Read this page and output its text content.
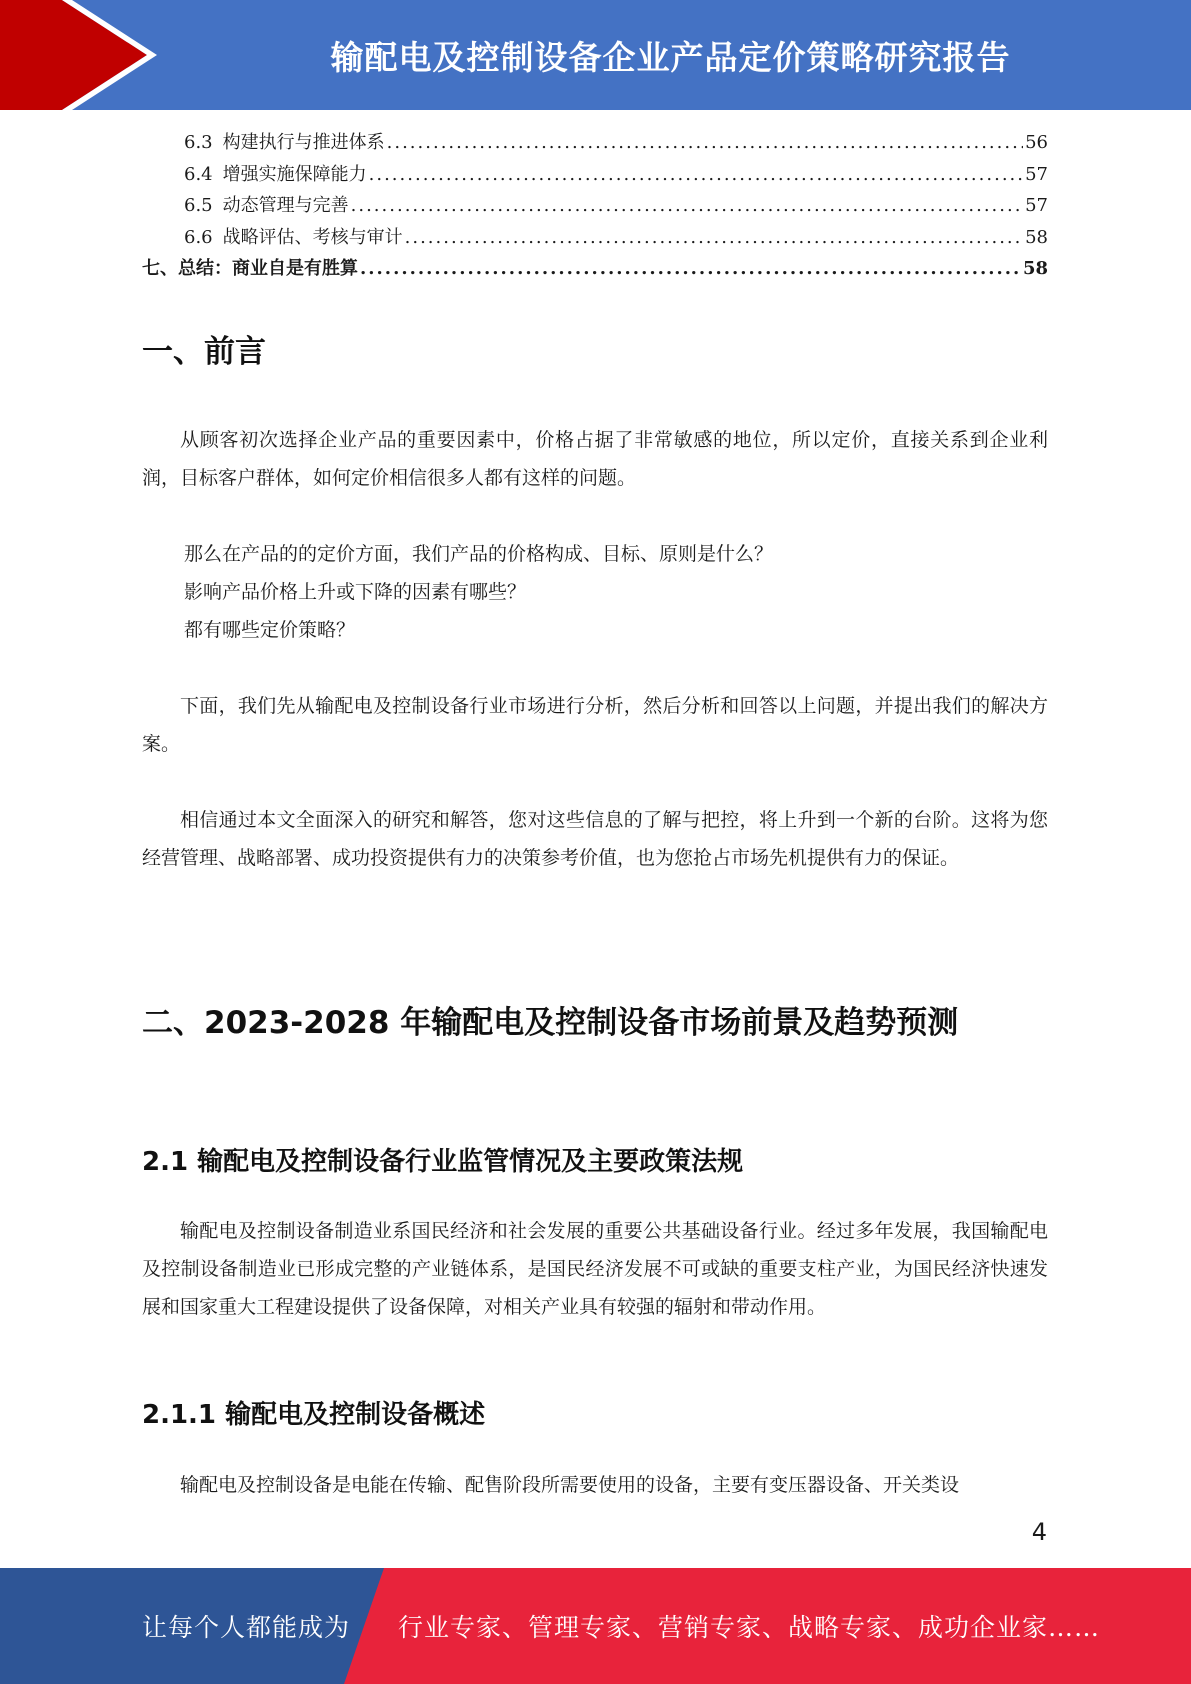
输配电及控制设备企业产品定价策略研究报告
6.3 构建执行与推进体系 .....	56
6.4 增强实施保障能力 .....	57
6.5 动态管理与完善 .....	57
6.6 战略评估、考核与审计 .....	58
七、总结：商业自是有胜算 .....	58
一、前言

从顾客初次选择企业产品的重要因素中，价格占据了非常敏感的地位，所以定价，直接关系到企业利润，目标客户群体，如何定价相信很多人都有这样的问题。

那么在产品的的定价方面，我们产品的价格构成、目标、原则是什么？

影响产品价格上升或下降的因素有哪些？

都有哪些定价策略？

下面，我们先从输配电及控制设备行业市场进行分析，然后分析和回答以上问题，并提出我们的解决方案。

相信通过本文全面深入的研究和解答，您对这些信息的了解与把控，将上升到一个新的台阶。这将为您经营管理、战略部署、成功投资提供有力的决策参考价值，也为您抢占市场先机提供有力的保证。

二、2023-2028 年输配电及控制设备市场前景及趋势预测
2.1 输配电及控制设备行业监管情况及主要政策法规

输配电及控制设备制造业系国民经济和社会发展的重要公共基础设备行业。经过多年发展，我国输配电及控制设备制造业已形成完整的产业链体系，是国民经济发展不可或缺的重要支柱产业，为国民经济快速发展和国家重大工程建设提供了设备保障，对相关产业具有较强的辐射和带动作用。

2.1.1 输配电及控制设备概述

输配电及控制设备是电能在传输、配售阶段所需要使用的设备，主要有变压器设备、开关类设

4
让每个人都能成为 行业专家、管理专家、营销专家、战略专家、成功企业家……
